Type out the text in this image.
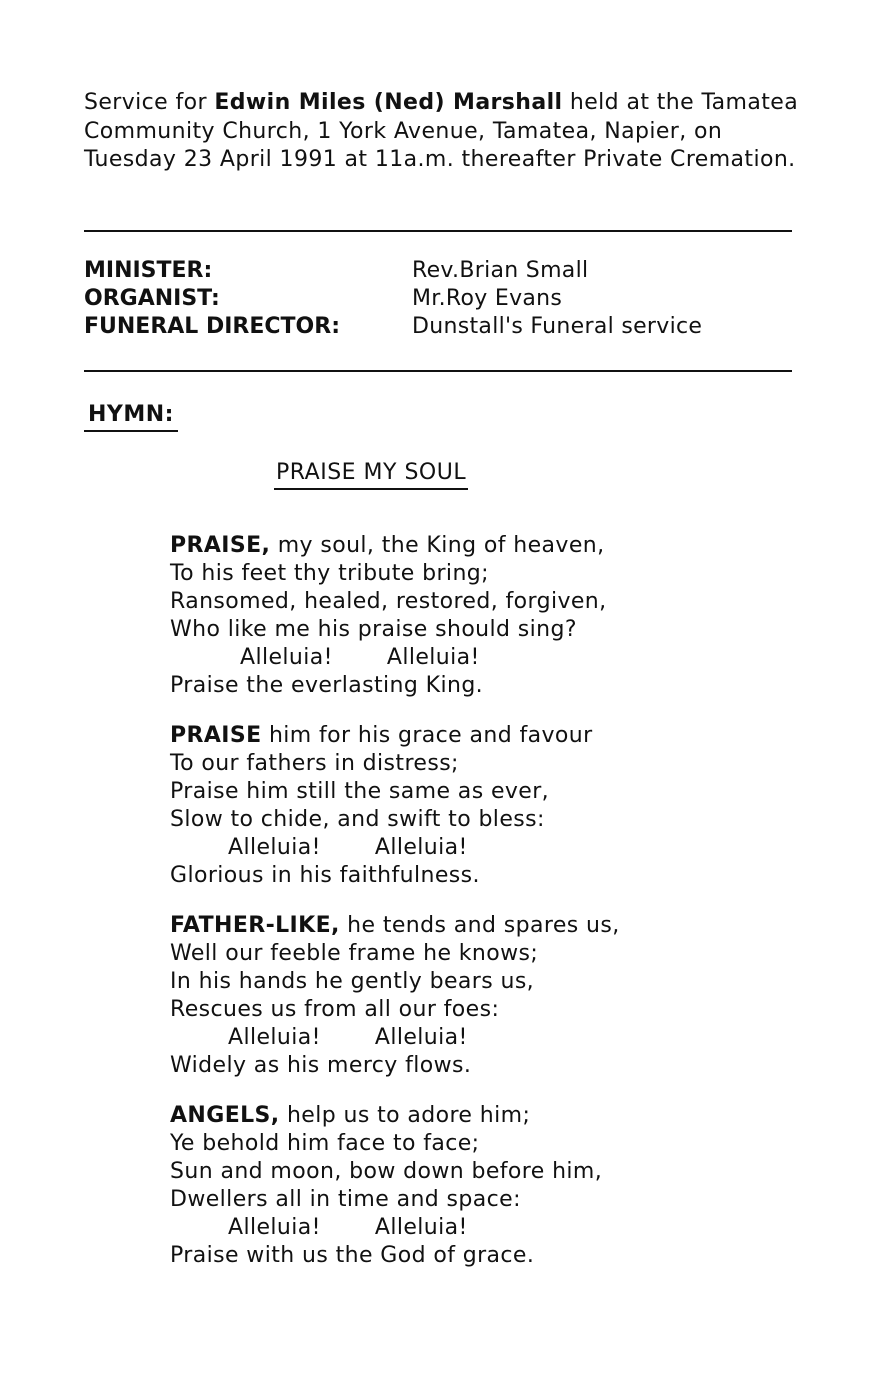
Service for Edwin Miles (Ned) Marshall held at the Tamatea Community Church, 1 York Avenue, Tamatea, Napier, on Tuesday 23 April 1991 at 11a.m. thereafter Private Cremation.
MINISTER:	Rev.Brian Small
ORGANIST:	Mr.Roy Evans
FUNERAL DIRECTOR:	Dunstall's Funeral service
HYMN:
PRAISE MY SOUL
PRAISE, my soul, the King of heaven,
To his feet thy tribute bring;
Ransomed, healed, restored, forgiven,
Who like me his praise should sing?
Alleluia! Alleluia!
Praise the everlasting King.
PRAISE him for his grace and favour
To our fathers in distress;
Praise him still the same as ever,
Slow to chide, and swift to bless:
Alleluia! Alleluia!
Glorious in his faithfulness.
FATHER-LIKE, he tends and spares us,
Well our feeble frame he knows;
In his hands he gently bears us,
Rescues us from all our foes:
Alleluia! Alleluia!
Widely as his mercy flows.
ANGELS, help us to adore him;
Ye behold him face to face;
Sun and moon, bow down before him,
Dwellers all in time and space:
Alleluia! Alleluia!
Praise with us the God of grace.
